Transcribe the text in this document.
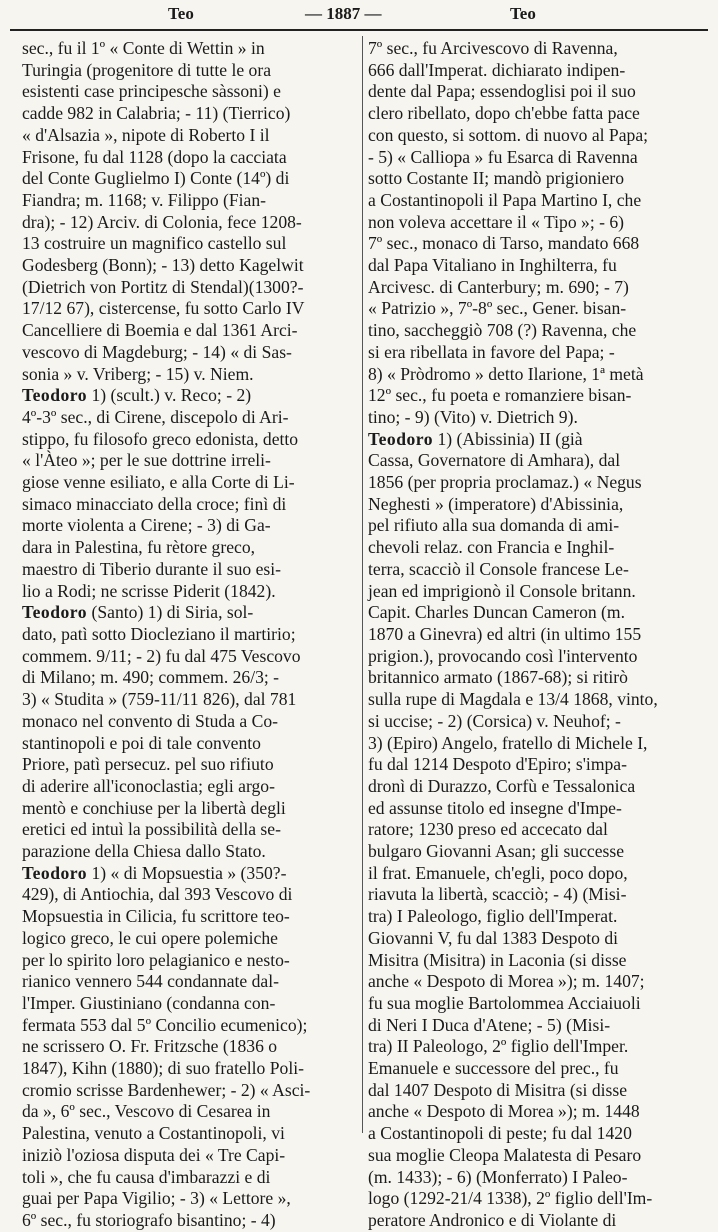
Teo	— 1887 —	Teo
sec., fu il 1º « Conte di Wettin » in
Turingia (progenitore di tutte le ora
esistenti case principesche sàssoni) e
cadde 982 in Calabria; - 11) (Tierrico)
« d'Alsazia », nipote di Roberto I il
Frisone, fu dal 1128 (dopo la cacciata
del Conte Guglielmo I) Conte (14º) di
Fiandra; m. 1168; v. Filippo (Fian-
dra); - 12) Arciv. di Colonia, fece 1208-
13 costruire un magnifico castello sul
Godesberg (Bonn); - 13) detto Kagelwit
(Dietrich von Portitz di Stendal)(1300?-
17/12 67), cistercense, fu sotto Carlo IV
Cancelliere di Boemia e dal 1361 Arci-
vescovo di Magdeburg; - 14) « di Sas-
sonia » v. Vriberg; - 15) v. Niem.
Teodoro 1) (scult.) v. Reco; - 2)
4º-3º sec., di Cirene, discepolo di Ari-
stippo, fu filosofo greco edonista, detto
« l'Àteo »; per le sue dottrine irreli-
giose venne esiliato, e alla Corte di Li-
simaco minacciato della croce; finì di
morte violenta a Cirene; - 3) di Ga-
dara in Palestina, fu rètore greco,
maestro di Tiberio durante il suo esi-
lio a Rodi; ne scrisse Piderit (1842).
Teodoro (Santo) 1) di Siria, sol-
dato, patì sotto Diocleziano il martirio;
commem. 9/11; - 2) fu dal 475 Vescovo
di Milano; m. 490; commem. 26/3; -
3) « Studita » (759-11/11 826), dal 781
monaco nel convento di Studa a Co-
stantinopoli e poi di tale convento
Priore, patì persecuz. pel suo rifiuto
di aderire all'iconoclastia; egli argo-
mentò e conchiuse per la libertà degli
eretici ed intuì la possibilità della se-
parazione della Chiesa dallo Stato.
Teodoro 1) « di Mopsuestia » (350?-
429), di Antiochia, dal 393 Vescovo di
Mopsuestia in Cilicia, fu scrittore teo-
logico greco, le cui opere polemiche
per lo spirito loro pelagianico e nesto-
rianico vennero 544 condannate dal-
l'Imper. Giustiniano (condanna con-
fermata 553 dal 5º Concilio ecumenico);
ne scrissero O. Fr. Fritzsche (1836 o
1847), Kihn (1880); di suo fratello Poli-
cromio scrisse Bardenhewer; - 2) « Asci-
da », 6º sec., Vescovo di Cesarea in
Palestina, venuto a Costantinopoli, vi
iniziò l'oziosa disputa dei « Tre Capi-
toli », che fu causa d'imbarazzi e di
guai per Papa Vigilio; - 3) « Lettore »,
6º sec., fu storiografo bisantino; - 4)
7º sec., fu Arcivescovo di Ravenna,
666 dall'Imperat. dichiarato indipen-
dente dal Papa; essendoglisi poi il suo
clero ribellato, dopo ch'ebbe fatta pace
con questo, si sottom. di nuovo al Papa;
- 5) « Calliopa » fu Esarca di Ravenna
sotto Costante II; mandò prigioniero
a Costantinopoli il Papa Martino I, che
non voleva accettare il « Tipo »; - 6)
7º sec., monaco di Tarso, mandato 668
dal Papa Vitaliano in Inghilterra, fu
Arcivesc. di Canterbury; m. 690; - 7)
« Patrizio », 7º-8º sec., Gener. bisan-
tino, saccheggiò 708 (?) Ravenna, che
si era ribellata in favore del Papa; -
8) « Pròdromo » detto Ilarione, 1ª metà
12º sec., fu poeta e romanziere bisan-
tino; - 9) (Vito) v. Dietrich 9).
Teodoro 1) (Abissinia) II (già
Cassa, Governatore di Amhara), dal
1856 (per propria proclamaz.) « Negus
Neghesti » (imperatore) d'Abissinia,
pel rifiuto alla sua domanda di ami-
chevoli relaz. con Francia e Inghil-
terra, scacciò il Console francese Le-
jean ed imprigionò il Console britann.
Capit. Charles Duncan Cameron (m.
1870 a Ginevra) ed altri (in ultimo 155
prigion.), provocando così l'intervento
britannico armato (1867-68); si ritirò
sulla rupe di Magdala e 13/4 1868, vinto,
si uccise; - 2) (Corsica) v. Neuhof; -
3) (Epiro) Angelo, fratello di Michele I,
fu dal 1214 Despoto d'Epiro; s'impa-
dronì di Durazzo, Corfù e Tessalonica
ed assunse titolo ed insegne d'Impe-
ratore; 1230 preso ed accecato dal
bulgaro Giovanni Asan; gli successe
il frat. Emanuele, ch'egli, poco dopo,
riavuta la libertà, scacciò; - 4) (Misi-
tra) I Paleologo, figlio dell'Imperat.
Giovanni V, fu dal 1383 Despoto di
Misitra (Misitra) in Laconia (si disse
anche « Despoto di Morea »); m. 1407;
fu sua moglie Bartolommea Acciaiuoli
di Neri I Duca d'Atene; - 5) (Misi-
tra) II Paleologo, 2º figlio dell'Imper.
Emanuele e successore del prec., fu
dal 1407 Despoto di Misitra (si disse
anche « Despoto di Morea »); m. 1448
a Costantinopoli di peste; fu dal 1420
sua moglie Cleopa Malatesta di Pesaro
(m. 1433); - 6) (Monferrato) I Paleo-
logo (1292-21/4 1338), 2º figlio dell'Im-
peratore Andronico e di Violante di
